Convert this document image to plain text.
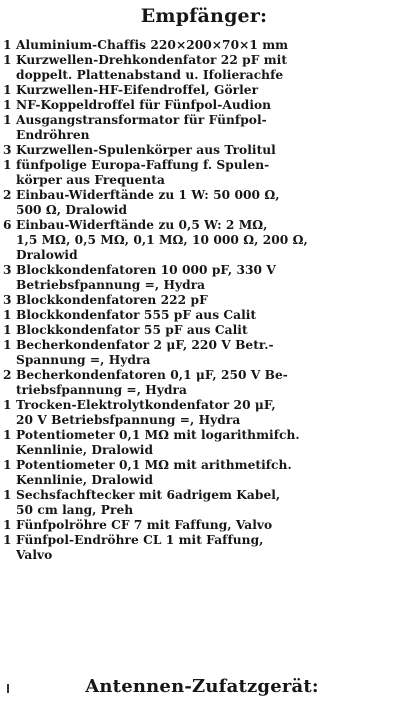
Empfänger:
1 Aluminium-Chaffis 220×200×70×1 mm
1 Kurzwellen-Drehkondenfator 22 pF mit
doppelt. Plattenabstand u. Ifolierachfe
1 Kurzwellen-HF-Eifendroffel, Görler
1 NF-Koppeldroffel für Fünfpol-Audion
1 Ausgangstransformator für Fünfpol-
Endröhren
3 Kurzwellen-Spulenkörper aus Trolitul
1 fünfpolige Europa-Faffung f. Spulen-
körper aus Frequenta
2 Einbau-Widerftände zu 1 W: 50 000 Ω,
500 Ω, Dralowid
6 Einbau-Widerftände zu 0,5 W: 2 MΩ,
1,5 MΩ, 0,5 MΩ, 0,1 MΩ, 10 000 Ω, 200 Ω,
Dralowid
3 Blockkondenfatoren 10 000 pF, 330 V
Betriebsfpannung =, Hydra
3 Blockkondenfatoren 222 pF
1 Blockkondenfator 555 pF aus Calit
1 Blockkondenfator 55 pF aus Calit
1 Becherkondenfator 2 μF, 220 V Betr.-
Spannung =, Hydra
2 Becherkondenfatoren 0,1 μF, 250 V Be-
triebsfpannung =, Hydra
1 Trocken-Elektrolytkondenfator 20 μF,
20 V Betriebsfpannung =, Hydra
1 Potentiometer 0,1 MΩ mit logarithmifch.
Kennlinie, Dralowid
1 Potentiometer 0,1 MΩ mit arithmetifch.
Kennlinie, Dralowid
1 Sechsfachftecker mit 6adrigem Kabel,
50 cm lang, Preh
1 Fünfpolröhre CF 7 mit Faffung, Valvo
1 Fünfpol-Endröhre CL 1 mit Faffung,
Valvo
Antennen-Zufatzgerät:
